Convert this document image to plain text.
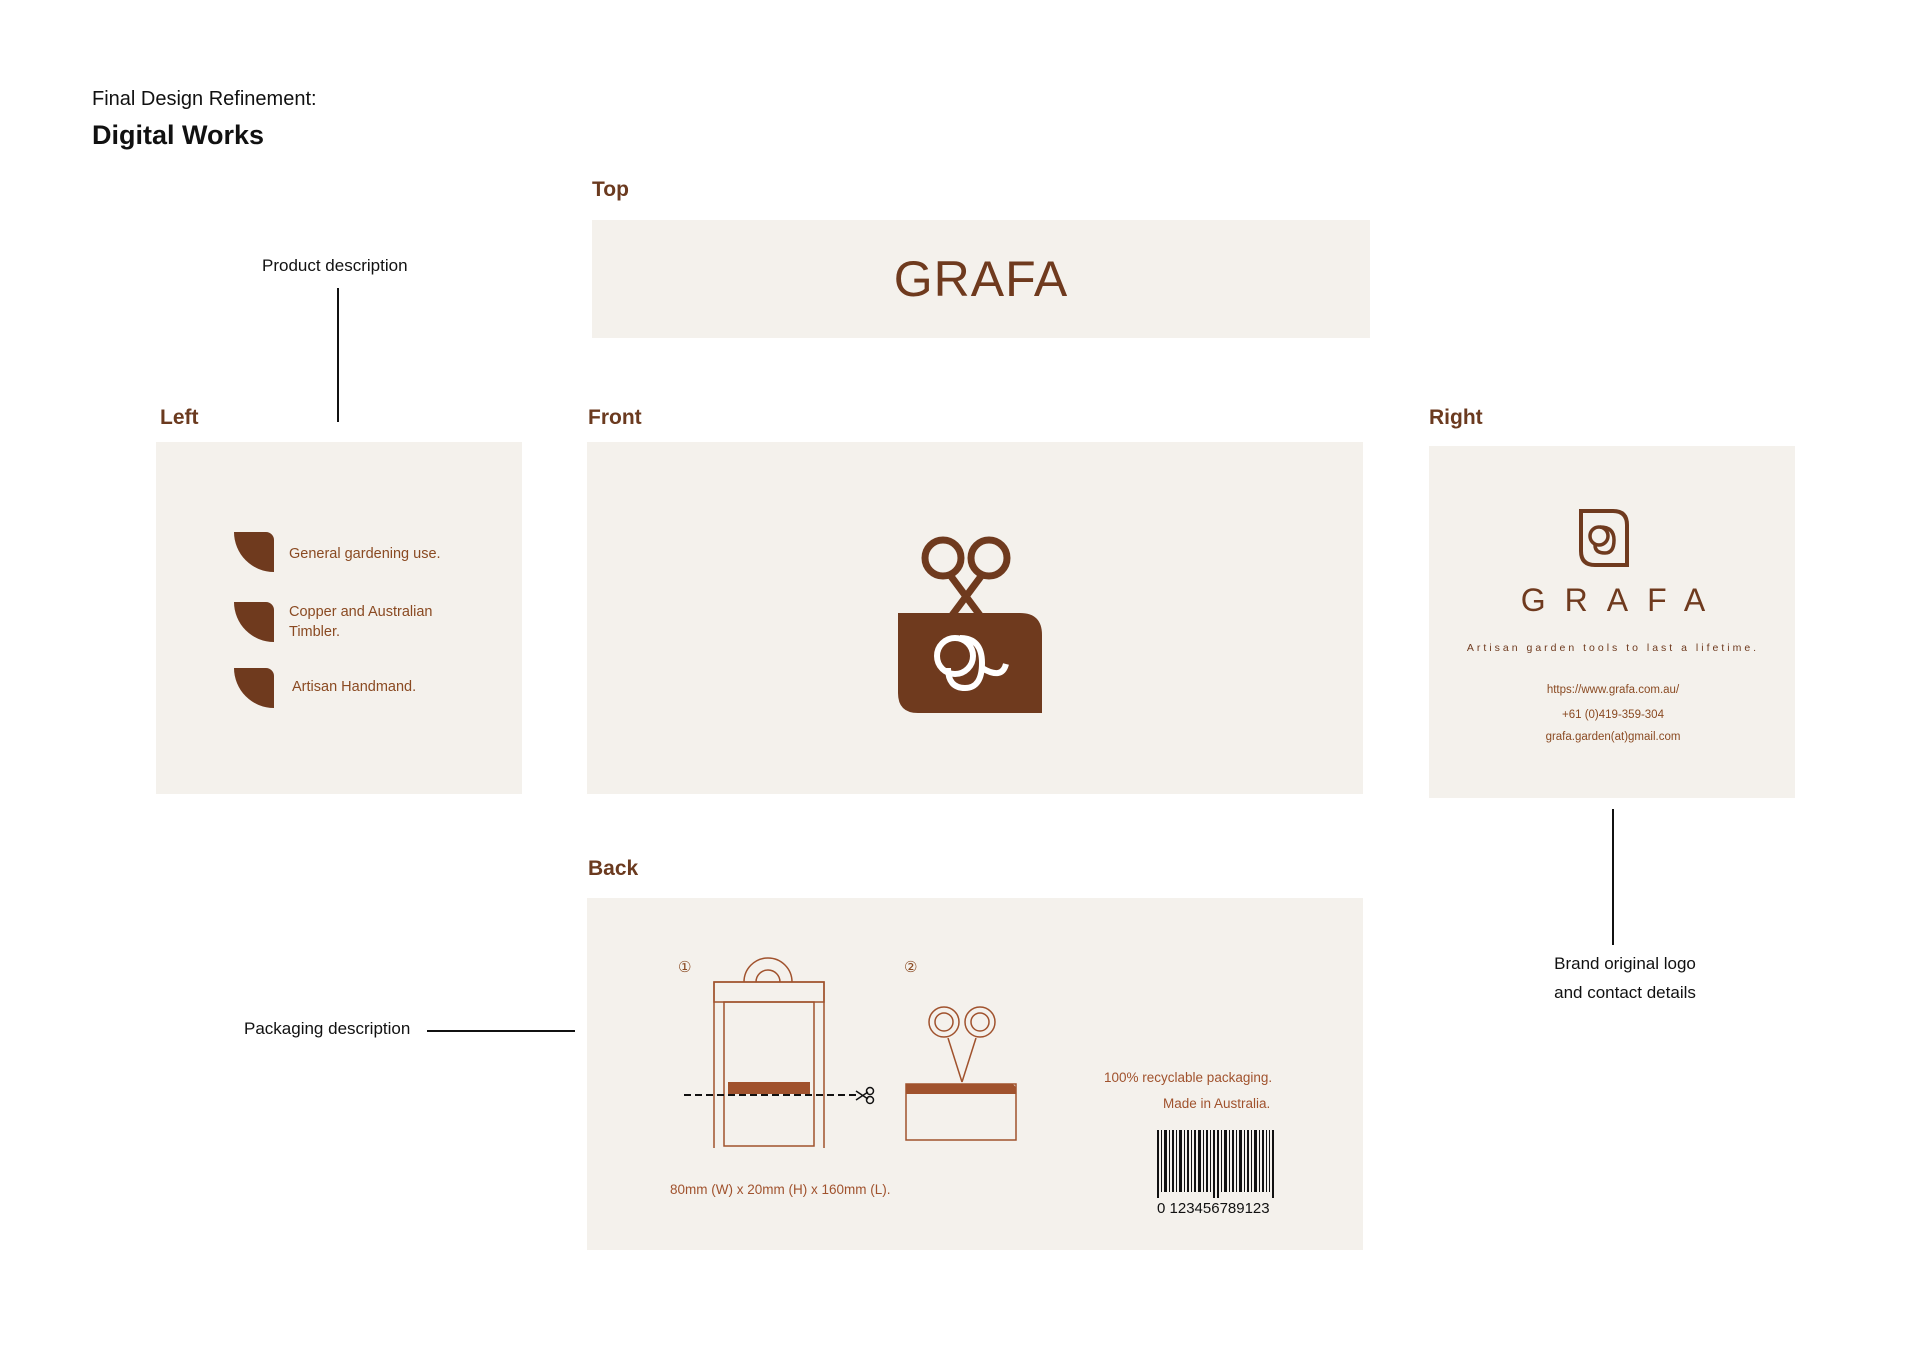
Final Design Refinement:
Digital Works
Top
GRAFA
Product description
Left
General gardening use.
Copper and Australian Timbler.
Artisan Handmand.
Front	Right
GRAFA
Artisan garden tools to last a lifetime.
https://www.grafa.com.au/
+61 (0)419-359-304
grafa.garden(at)gmail.com
Brand original logo
and contact details
Back
①	②
80mm (W) x 20mm (H) x 160mm (L).
100% recyclable packaging.
Made in Australia.
0 123456789123
Packaging description
